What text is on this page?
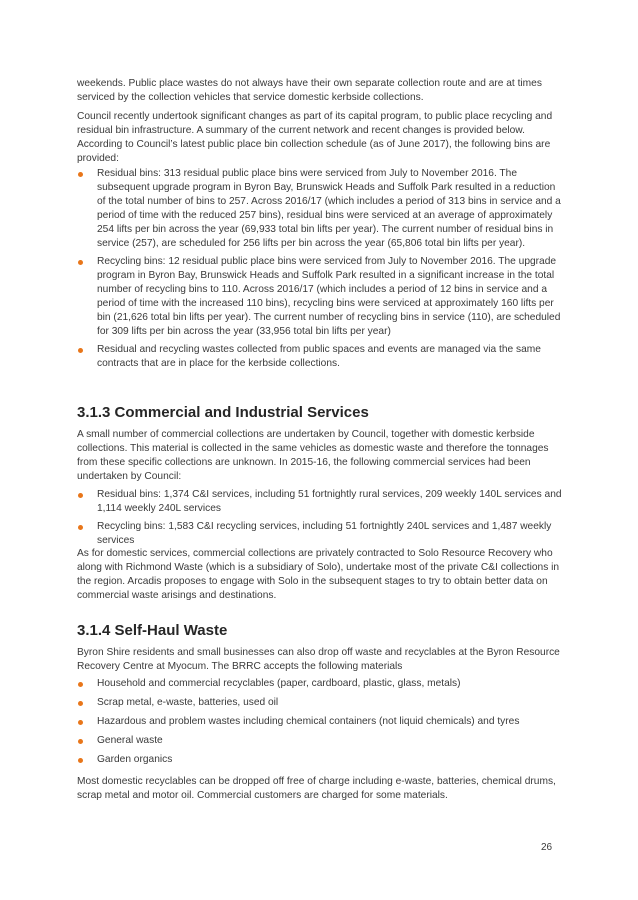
weekends. Public place wastes do not always have their own separate collection route and are at times serviced by the collection vehicles that service domestic kerbside collections.

Council recently undertook significant changes as part of its capital program, to public place recycling and residual bin infrastructure. A summary of the current network and recent changes is provided below. According to Council’s latest public place bin collection schedule (as of June 2017), the following bins are provided:

Residual bins: 313 residual public place bins were serviced from July to November 2016. The subsequent upgrade program in Byron Bay, Brunswick Heads and Suffolk Park resulted in a reduction of the total number of bins to 257. Across 2016/17 (which includes a period of 313 bins in service and a period of time with the reduced 257 bins), residual bins were serviced at an average of approximately 254 lifts per bin across the year (69,933 total bin lifts per year). The current number of residual bins in service (257), are scheduled for 256 lifts per bin across the year (65,806 total bin lifts per year).
Recycling bins: 12 residual public place bins were serviced from July to November 2016. The upgrade program in Byron Bay, Brunswick Heads and Suffolk Park resulted in a significant increase in the total number of recycling bins to 110. Across 2016/17 (which includes a period of 12 bins in service and a period of time with the increased 110 bins), recycling bins were serviced at approximately 160 lifts per bin (21,626 total bin lifts per year). The current number of recycling bins in service (110), are scheduled for 309 lifts per bin across the year (33,956 total bin lifts per year)
Residual and recycling wastes collected from public spaces and events are managed via the same contracts that are in place for the kerbside collections.
3.1.3 Commercial and Industrial Services

A small number of commercial collections are undertaken by Council, together with domestic kerbside collections. This material is collected in the same vehicles as domestic waste and therefore the tonnages from these specific collections are unknown. In 2015-16, the following commercial services had been undertaken by Council:

Residual bins: 1,374 C&I services, including 51 fortnightly rural services, 209 weekly 140L services and 1,114 weekly 240L services
Recycling bins: 1,583 C&I recycling services, including 51 fortnightly 240L services and 1,487 weekly services

As for domestic services, commercial collections are privately contracted to Solo Resource Recovery who along with Richmond Waste (which is a subsidiary of Solo), undertake most of the private C&I collections in the region. Arcadis proposes to engage with Solo in the subsequent stages to try to obtain better data on commercial waste arisings and destinations.

3.1.4 Self-Haul Waste

Byron Shire residents and small businesses can also drop off waste and recyclables at the Byron Resource Recovery Centre at Myocum. The BRRC accepts the following materials

Household and commercial recyclables (paper, cardboard, plastic, glass, metals)
Scrap metal, e-waste, batteries, used oil
Hazardous and problem wastes including chemical containers (not liquid chemicals) and tyres
General waste
Garden organics

Most domestic recyclables can be dropped off free of charge including e-waste, batteries, chemical drums, scrap metal and motor oil. Commercial customers are charged for some materials.

26
